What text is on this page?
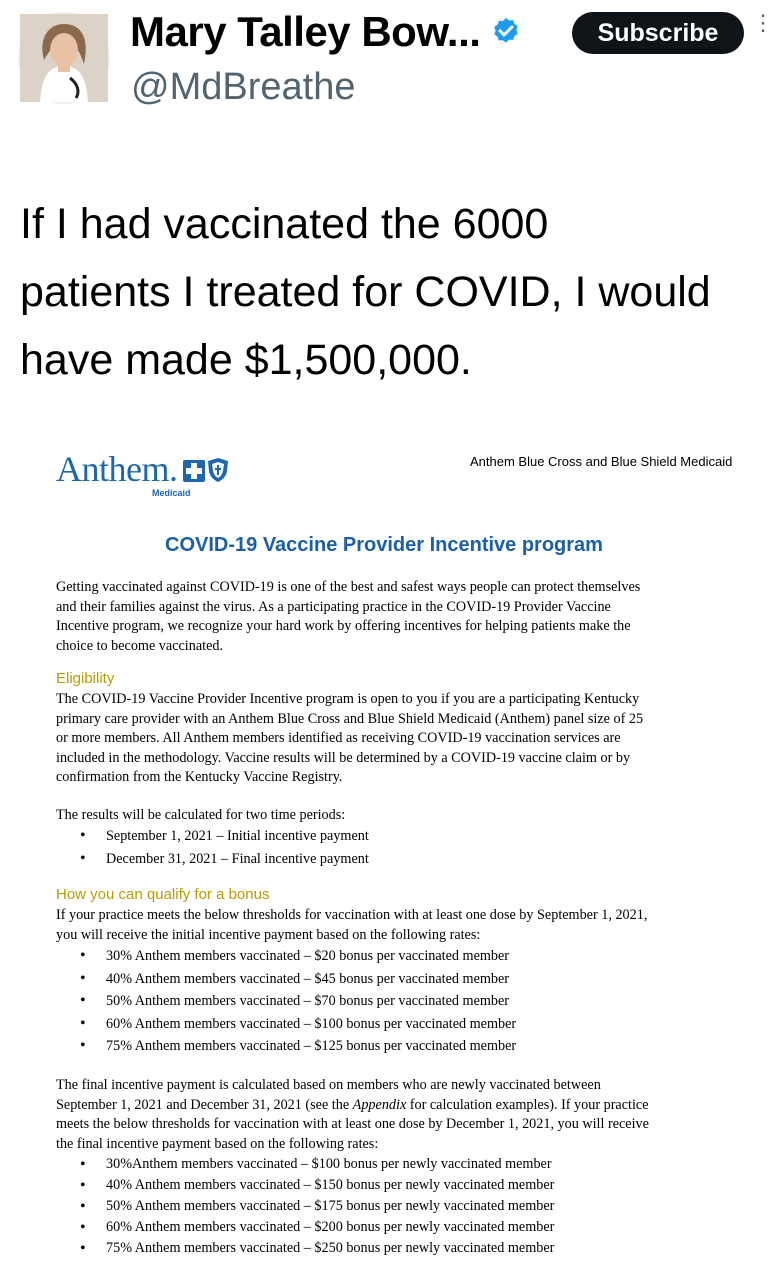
Mary Talley Bow...
@MdBreathe
Subscribe	⋮
If I had vaccinated the 6000
patients I treated for COVID, I would
have made $1,500,000.
Anthem.
Medicaid
Anthem Blue Cross and Blue Shield Medicaid
COVID-19 Vaccine Provider Incentive program
Getting vaccinated against COVID-19 is one of the best and safest ways people can protect themselves
and their families against the virus. As a participating practice in the COVID-19 Provider Vaccine
Incentive program, we recognize your hard work by offering incentives for helping patients make the
choice to become vaccinated.
Eligibility
The COVID-19 Vaccine Provider Incentive program is open to you if you are a participating Kentucky
primary care provider with an Anthem Blue Cross and Blue Shield Medicaid (Anthem) panel size of 25
or more members. All Anthem members identified as receiving COVID-19 vaccination services are
included in the methodology. Vaccine results will be determined by a COVID-19 vaccine claim or by
confirmation from the Kentucky Vaccine Registry.
The results will be calculated for two time periods:
• September 1, 2021 – Initial incentive payment
• December 31, 2021 – Final incentive payment
How you can qualify for a bonus
If your practice meets the below thresholds for vaccination with at least one dose by September 1, 2021,
you will receive the initial incentive payment based on the following rates:
• 30% Anthem members vaccinated – $20 bonus per vaccinated member
• 40% Anthem members vaccinated – $45 bonus per vaccinated member
• 50% Anthem members vaccinated – $70 bonus per vaccinated member
• 60% Anthem members vaccinated – $100 bonus per vaccinated member
• 75% Anthem members vaccinated – $125 bonus per vaccinated member
The final incentive payment is calculated based on members who are newly vaccinated between
September 1, 2021 and December 31, 2021 (see the Appendix for calculation examples). If your practice
meets the below thresholds for vaccination with at least one dose by December 1, 2021, you will receive
the final incentive payment based on the following rates:
• 30%Anthem members vaccinated – $100 bonus per newly vaccinated member
• 40% Anthem members vaccinated – $150 bonus per newly vaccinated member
• 50% Anthem members vaccinated – $175 bonus per newly vaccinated member
• 60% Anthem members vaccinated – $200 bonus per newly vaccinated member
• 75% Anthem members vaccinated – $250 bonus per newly vaccinated member
